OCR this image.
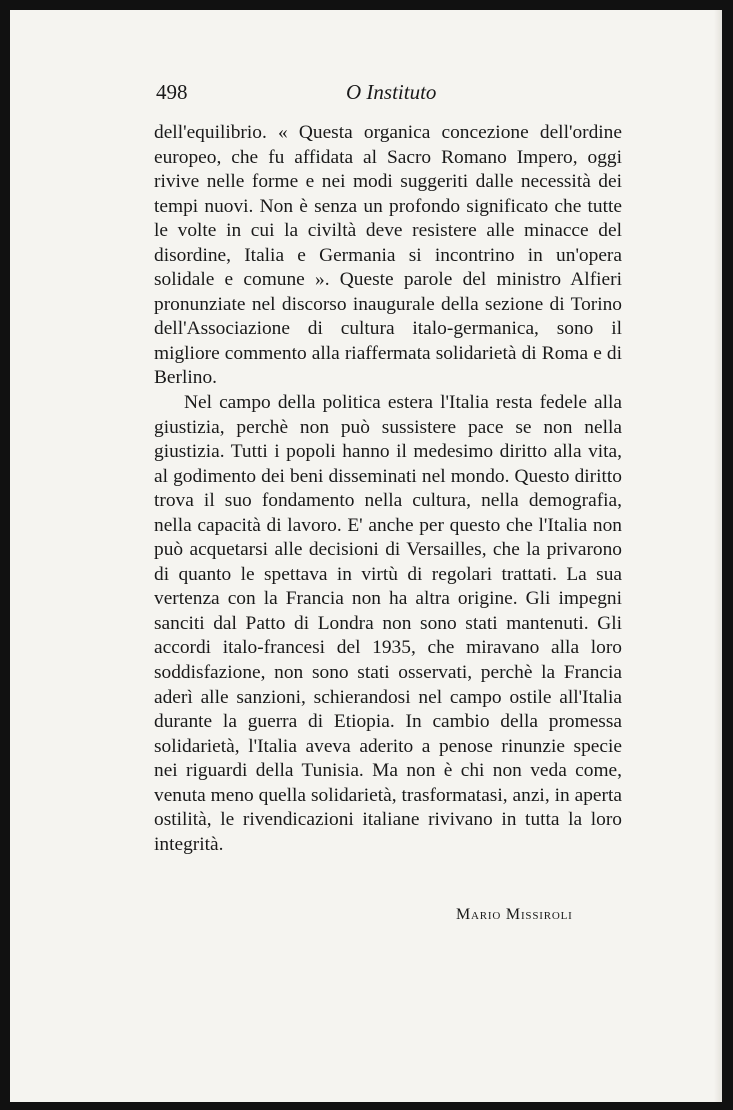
498	O Instituto

dell'equilibrio. « Questa organica concezione dell'ordine europeo, che fu affidata al Sacro Romano Impero, oggi rivive nelle forme e nei modi suggeriti dalle necessità dei tempi nuovi. Non è senza un profondo significato che tutte le volte in cui la civiltà deve resistere alle minacce del disordine, Italia e Germania si incontrino in un'opera solidale e comune ». Queste parole del ministro Alfieri pronunziate nel discorso inaugurale della sezione di Torino dell'Associazione di cultura italo-germanica, sono il migliore commento alla riaffermata solidarietà di Roma e di Berlino.

Nel campo della politica estera l'Italia resta fedele alla giustizia, perchè non può sussistere pace se non nella giustizia. Tutti i popoli hanno il medesimo diritto alla vita, al godimento dei beni disseminati nel mondo. Questo diritto trova il suo fondamento nella cultura, nella demografia, nella capacità di lavoro. E' anche per questo che l'Italia non può acquetarsi alle decisioni di Versailles, che la privarono di quanto le spettava in virtù di regolari trattati. La sua vertenza con la Francia non ha altra origine. Gli impegni sanciti dal Patto di Londra non sono stati mantenuti. Gli accordi italo-francesi del 1935, che miravano alla loro soddisfazione, non sono stati osservati, perchè la Francia aderì alle sanzioni, schierandosi nel campo ostile all'Italia durante la guerra di Etiopia. In cambio della promessa solidarietà, l'Italia aveva aderito a penose rinunzie specie nei riguardi della Tunisia. Ma non è chi non veda come, venuta meno quella solidarietà, trasformatasi, anzi, in aperta ostilità, le rivendicazioni italiane rivivano in tutta la loro integrità.

Mario Missiroli
